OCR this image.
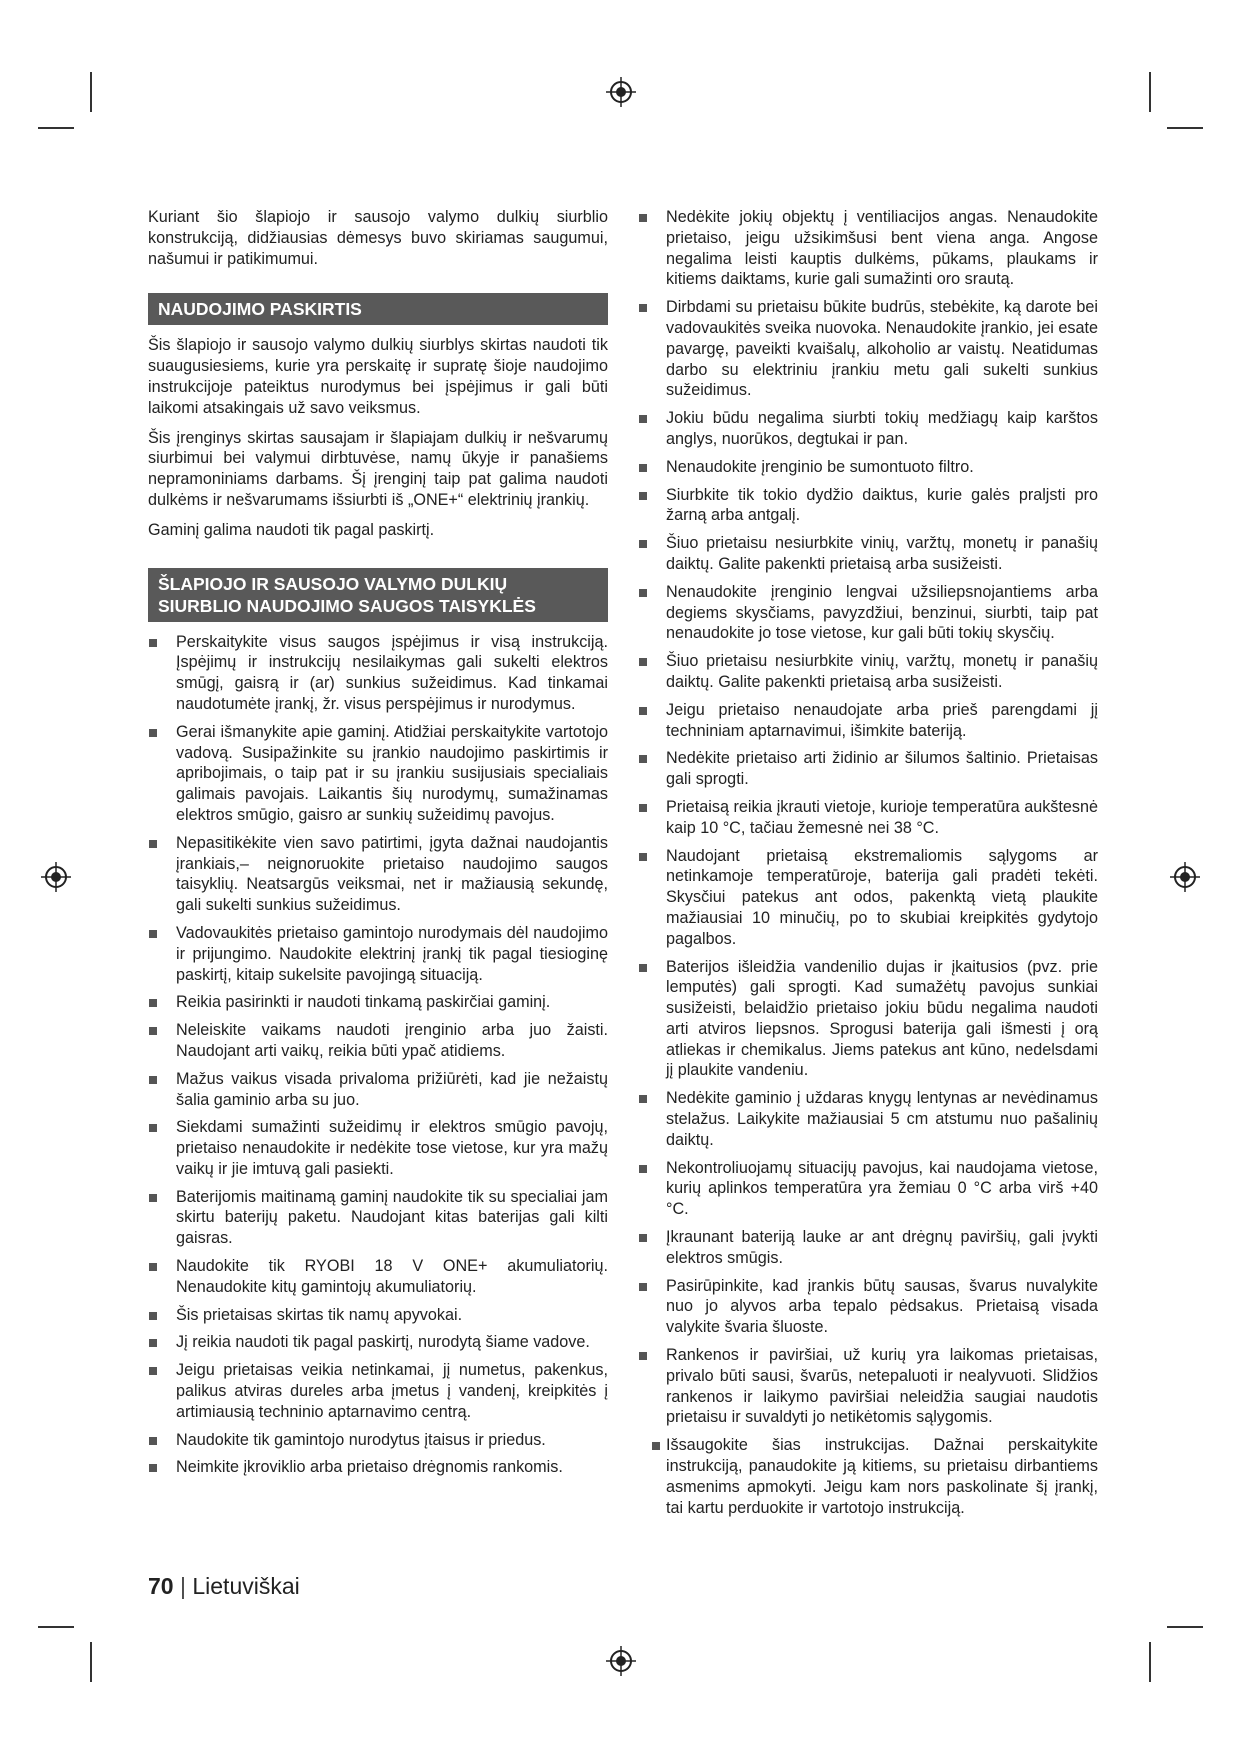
Kuriant šio šlapiojo ir sausojo valymo dulkių siurblio konstrukciją, didžiausias dėmesys buvo skiriamas saugumui, našumui ir patikimumui.

NAUDOJIMO PASKIRTIS

Šis šlapiojo ir sausojo valymo dulkių siurblys skirtas naudoti tik suaugusiesiems, kurie yra perskaitę ir supratę šioje naudojimo instrukcijoje pateiktus nurodymus bei įspėjimus ir gali būti laikomi atsakingais už savo veiksmus.

Šis įrenginys skirtas sausajam ir šlapiajam dulkių ir nešvarumų siurbimui bei valymui dirbtuvėse, namų ūkyje ir panašiems nepramoniniams darbams. Šį įrenginį taip pat galima naudoti dulkėms ir nešvarumams išsiurbti iš „ONE+“ elektrinių įrankių.

Gaminį galima naudoti tik pagal paskirtį.

ŠLAPIOJO IR SAUSOJO VALYMO DULKIŲ
SIURBLIO NAUDOJIMO SAUGOS TAISYKLĖS
Perskaitykite visus saugos įspėjimus ir visą instrukciją. Įspėjimų ir instrukcijų nesilaikymas gali sukelti elektros smūgį, gaisrą ir (ar) sunkius sužeidimus. Kad tinkamai naudotumėte įrankį, žr. visus perspėjimus ir nurodymus.
Gerai išmanykite apie gaminį. Atidžiai perskaitykite vartotojo vadovą. Susipažinkite su įrankio naudojimo paskirtimis ir apribojimais, o taip pat ir su įrankiu susijusiais specialiais galimais pavojais. Laikantis šių nurodymų, sumažinamas elektros smūgio, gaisro ar sunkių sužeidimų pavojus.
Nepasitikėkite vien savo patirtimi, įgyta dažnai naudojantis įrankiais,– neignoruokite prietaiso naudojimo saugos taisyklių. Neatsargūs veiksmai, net ir mažiausią sekundę, gali sukelti sunkius sužeidimus.
Vadovaukitės prietaiso gamintojo nurodymais dėl naudojimo ir prijungimo. Naudokite elektrinį įrankį tik pagal tiesioginę paskirtį, kitaip sukelsite pavojingą situaciją.
Reikia pasirinkti ir naudoti tinkamą paskirčiai gaminį.
Neleiskite vaikams naudoti įrenginio arba juo žaisti. Naudojant arti vaikų, reikia būti ypač atidiems.
Mažus vaikus visada privaloma prižiūrėti, kad jie nežaistų šalia gaminio arba su juo.
Siekdami sumažinti sužeidimų ir elektros smūgio pavojų, prietaiso nenaudokite ir nedėkite tose vietose, kur yra mažų vaikų ir jie imtuvą gali pasiekti.
Baterijomis maitinamą gaminį naudokite tik su specialiai jam skirtu baterijų paketu. Naudojant kitas baterijas gali kilti gaisras.
Naudokite tik RYOBI 18 V ONE+ akumuliatorių. Nenaudokite kitų gamintojų akumuliatorių.
Šis prietaisas skirtas tik namų apyvokai.
Jį reikia naudoti tik pagal paskirtį, nurodytą šiame vadove.
Jeigu prietaisas veikia netinkamai, jį numetus, pakenkus, palikus atviras dureles arba įmetus į vandenį, kreipkitės į artimiausią techninio aptarnavimo centrą.
Naudokite tik gamintojo nurodytus įtaisus ir priedus.
Neimkite įkroviklio arba prietaiso drėgnomis rankomis.
Nedėkite jokių objektų į ventiliacijos angas. Nenaudokite prietaiso, jeigu užsikimšusi bent viena anga. Angose negalima leisti kauptis dulkėms, pūkams, plaukams ir kitiems daiktams, kurie gali sumažinti oro srautą.
Dirbdami su prietaisu būkite budrūs, stebėkite, ką darote bei vadovaukitės sveika nuovoka. Nenaudokite įrankio, jei esate pavargę, paveikti kvaišalų, alkoholio ar vaistų. Neatidumas darbo su elektriniu įrankiu metu gali sukelti sunkius sužeidimus.
Jokiu būdu negalima siurbti tokių medžiagų kaip karštos anglys, nuorūkos, degtukai ir pan.
Nenaudokite įrenginio be sumontuoto filtro.
Siurbkite tik tokio dydžio daiktus, kurie galės praljsti pro žarną arba antgalį.
Šiuo prietaisu nesiurbkite vinių, varžtų, monetų ir panašių daiktų. Galite pakenkti prietaisą arba susižeisti.
Nenaudokite įrenginio lengvai užsiliepsnojantiems arba degiems skysčiams, pavyzdžiui, benzinui, siurbti, taip pat nenaudokite jo tose vietose, kur gali būti tokių skysčių.
Šiuo prietaisu nesiurbkite vinių, varžtų, monetų ir panašių daiktų. Galite pakenkti prietaisą arba susižeisti.
Jeigu prietaiso nenaudojate arba prieš parengdami jį techniniam aptarnavimui, išimkite bateriją.
Nedėkite prietaiso arti židinio ar šilumos šaltinio. Prietaisas gali sprogti.
Prietaisą reikia įkrauti vietoje, kurioje temperatūra aukštesnė kaip 10 °C, tačiau žemesnė nei 38 °C.
Naudojant prietaisą ekstremaliomis sąlygoms ar netinkamoje temperatūroje, baterija gali pradėti tekėti. Skysčiui patekus ant odos, pakenktą vietą plaukite mažiausiai 10 minučių, po to skubiai kreipkitės gydytojo pagalbos.
Baterijos išleidžia vandenilio dujas ir įkaitusios (pvz. prie lemputės) gali sprogti. Kad sumažėtų pavojus sunkiai susižeisti, belaidžio prietaiso jokiu būdu negalima naudoti arti atviros liepsnos. Sprogusi baterija gali išmesti į orą atliekas ir chemikalus. Jiems patekus ant kūno, nedelsdami jį plaukite vandeniu.
Nedėkite gaminio į uždaras knygų lentynas ar nevėdinamus stelažus. Laikykite mažiausiai 5 cm atstumu nuo pašalinių daiktų.
Nekontroliuojamų situacijų pavojus, kai naudojama vietose, kurių aplinkos temperatūra yra žemiau 0 °C arba virš +40 °C.
Įkraunant bateriją lauke ar ant drėgnų paviršių, gali įvykti elektros smūgis.
Pasirūpinkite, kad įrankis būtų sausas, švarus nuvalykite nuo jo alyvos arba tepalo pėdsakus. Prietaisą visada valykite švaria šluoste.
Rankenos ir paviršiai, už kurių yra laikomas prietaisas, privalo būti sausi, švarūs, netepaluoti ir nealyvuoti. Slidžios rankenos ir laikymo paviršiai neleidžia saugiai naudotis prietaisu ir suvaldyti jo netikėtomis sąlygomis.
Išsaugokite šias instrukcijas. Dažnai perskaitykite instrukciją, panaudokite ją kitiems, su prietaisu dirbantiems asmenims apmokyti. Jeigu kam nors paskolinate šį įrankį, tai kartu perduokite ir vartotojo instrukciją.
70 | Lietuviškai
